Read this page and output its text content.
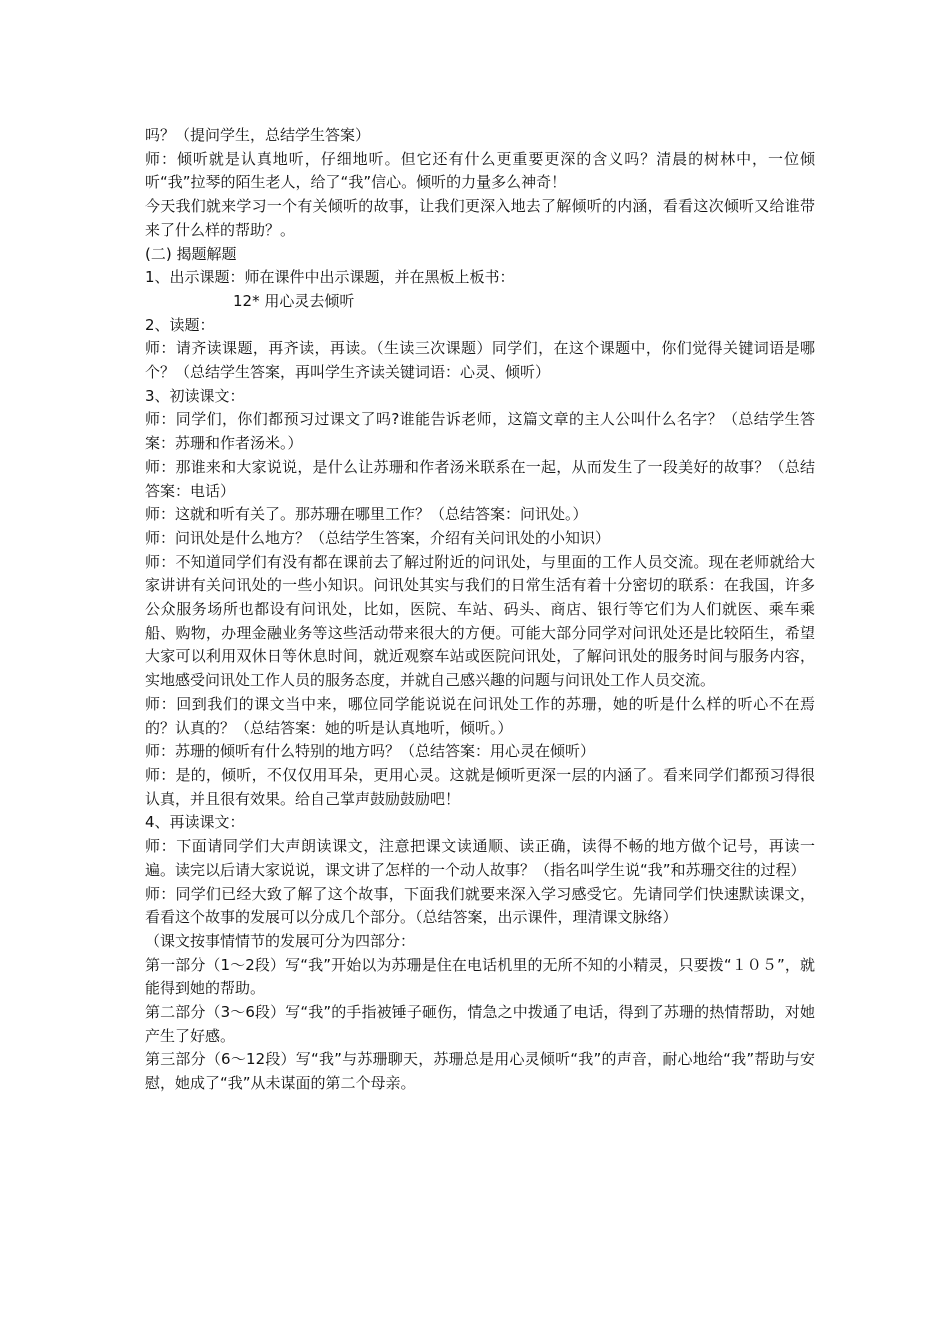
吗？（提问学生，总结学生答案）

师：倾听就是认真地听，仔细地听。但它还有什么更重要更深的含义吗？清晨的树林中，一位倾听“我”拉琴的陌生老人，给了“我”信心。倾听的力量多么神奇！

今天我们就来学习一个有关倾听的故事，让我们更深入地去了解倾听的内涵，看看这次倾听又给谁带来了什么样的帮助？。

(二) 揭题解题

1、出示课题：师在课件中出示课题，并在黑板上板书：

12* 用心灵去倾听

2、读题：

师：请齐读课题，再齐读，再读。（生读三次课题）同学们，在这个课题中，你们觉得关键词语是哪个？（总结学生答案，再叫学生齐读关键词语：心灵、倾听）

3、初读课文：

师：同学们，你们都预习过课文了吗?谁能告诉老师，这篇文章的主人公叫什么名字？（总结学生答案：苏珊和作者汤米。）

师：那谁来和大家说说，是什么让苏珊和作者汤米联系在一起，从而发生了一段美好的故事？（总结答案：电话）

师：这就和听有关了。那苏珊在哪里工作？（总结答案：问讯处。）

师：问讯处是什么地方？（总结学生答案，介绍有关问讯处的小知识）

师：不知道同学们有没有都在课前去了解过附近的问讯处，与里面的工作人员交流。现在老师就给大家讲讲有关问讯处的一些小知识。问讯处其实与我们的日常生活有着十分密切的联系：在我国，许多公众服务场所也都设有问讯处，比如，医院、车站、码头、商店、银行等它们为人们就医、乘车乘船、购物，办理金融业务等这些活动带来很大的方便。可能大部分同学对问讯处还是比较陌生，希望大家可以利用双休日等休息时间，就近观察车站或医院问讯处，了解问讯处的服务时间与服务内容，实地感受问讯处工作人员的服务态度，并就自己感兴趣的问题与问讯处工作人员交流。

师：回到我们的课文当中来，哪位同学能说说在问讯处工作的苏珊，她的听是什么样的听心不在焉的？认真的？（总结答案：她的听是认真地听，倾听。）

师：苏珊的倾听有什么特别的地方吗？（总结答案：用心灵在倾听）

师：是的，倾听，不仅仅用耳朵，更用心灵。这就是倾听更深一层的内涵了。看来同学们都预习得很认真，并且很有效果。给自己掌声鼓励鼓励吧！

4、再读课文：

师：下面请同学们大声朗读课文，注意把课文读通顺、读正确，读得不畅的地方做个记号，再读一遍。读完以后请大家说说，课文讲了怎样的一个动人故事？（指名叫学生说“我”和苏珊交往的过程）

师：同学们已经大致了解了这个故事，下面我们就要来深入学习感受它。先请同学们快速默读课文，看看这个故事的发展可以分成几个部分。（总结答案，出示课件，理清课文脉络）

（课文按事情情节的发展可分为四部分：

第一部分（1～2段）写“我”开始以为苏珊是住在电话机里的无所不知的小精灵，只要拨“１０５”，就能得到她的帮助。

第二部分（3～6段）写“我”的手指被锤子砸伤，情急之中拨通了电话，得到了苏珊的热情帮助，对她产生了好感。

第三部分（6～12段）写“我”与苏珊聊天，苏珊总是用心灵倾听“我”的声音，耐心地给“我”帮助与安慰，她成了“我”从未谋面的第二个母亲。
